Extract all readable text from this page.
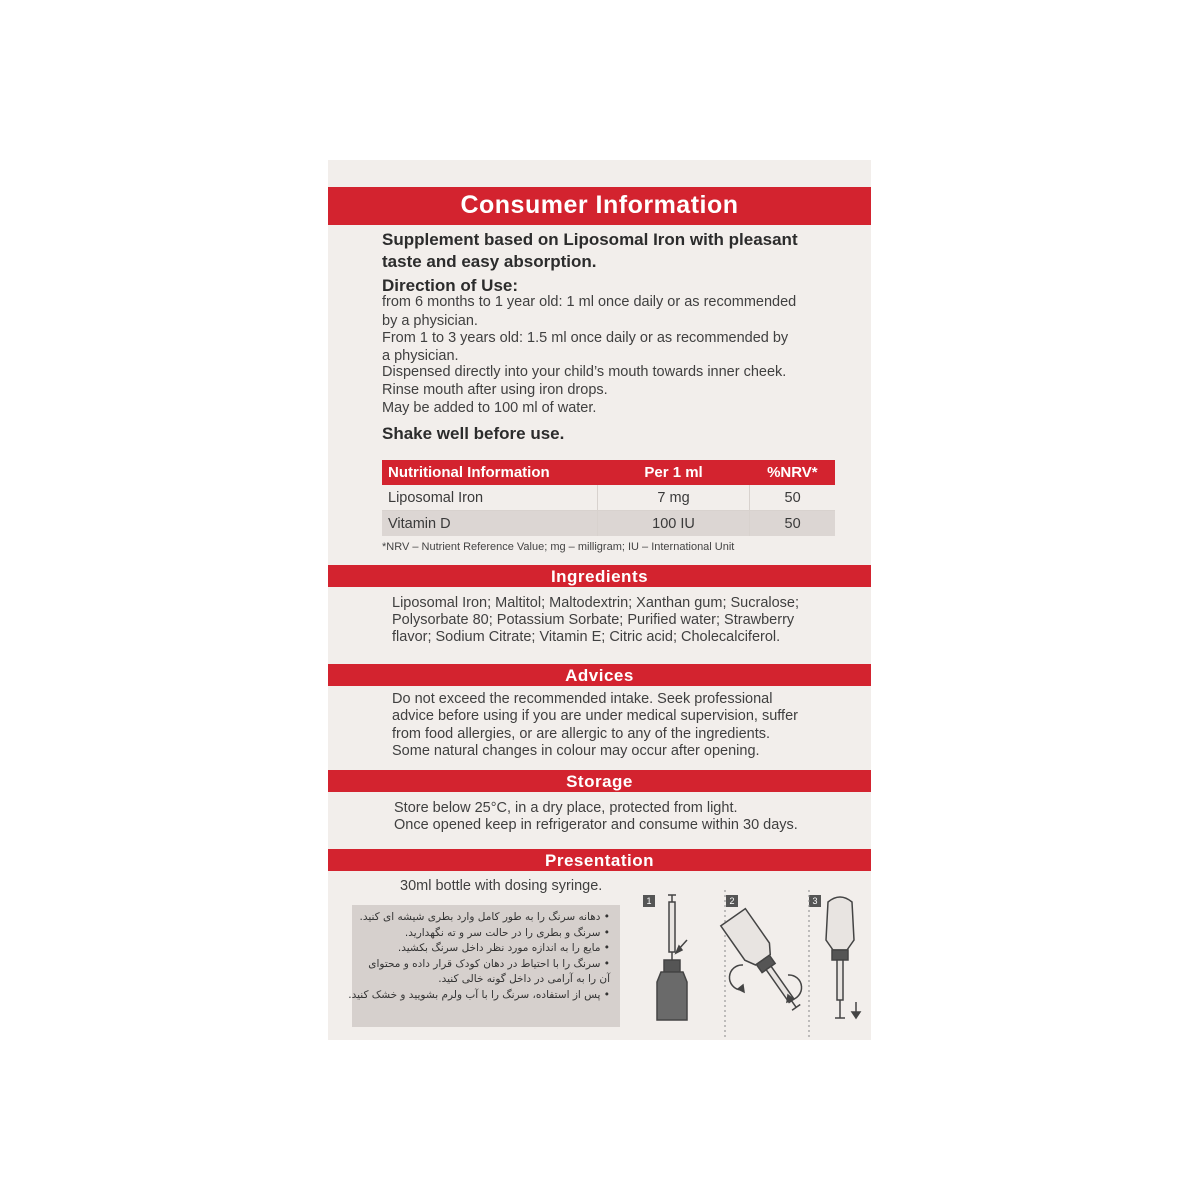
Consumer Information
Supplement based on Liposomal Iron with pleasant
taste and easy absorption.
Direction of Use:
from 6 months to 1 year old: 1 ml once daily or as recommended
by a physician.
From 1 to 3 years old: 1.5 ml once daily or as recommended by
a physician.
Dispensed directly into your child’s mouth towards inner cheek.
Rinse mouth after using iron drops.
May be added to 100 ml of water.
Shake well before use.
Nutritional Information	Per 1 ml	%NRV*
Liposomal Iron	7 mg	50
Vitamin D	100 IU	50
*NRV – Nutrient Reference Value; mg – milligram; IU – International Unit
Ingredients
Liposomal Iron; Maltitol; Maltodextrin; Xanthan gum; Sucralose;
Polysorbate 80; Potassium Sorbate; Purified water; Strawberry
flavor; Sodium Citrate; Vitamin E; Citric acid; Cholecalciferol.
Advices
Do not exceed the recommended intake. Seek professional
advice before using if you are under medical supervision, suffer
from food allergies, or are allergic to any of the ingredients.
Some natural changes in colour may occur after opening.
Storage
Store below 25°C, in a dry place, protected from light.
Once opened keep in refrigerator and consume within 30 days.
Presentation
30ml bottle with dosing syringe.
• دهانه سرنگ را به طور کامل وارد بطری شیشه ای کنید.
• سرنگ و بطری را در حالت سر و ته نگهدارید.
• مایع را به اندازه مورد نظر داخل سرنگ بکشید.
• سرنگ را با احتیاط در دهان کودک قرار داده و محتوای
آن را به آرامی در داخل گونه خالی کنید.
• پس از استفاده، سرنگ را با آب ولرم بشویید و خشک کنید.
1	2	3
